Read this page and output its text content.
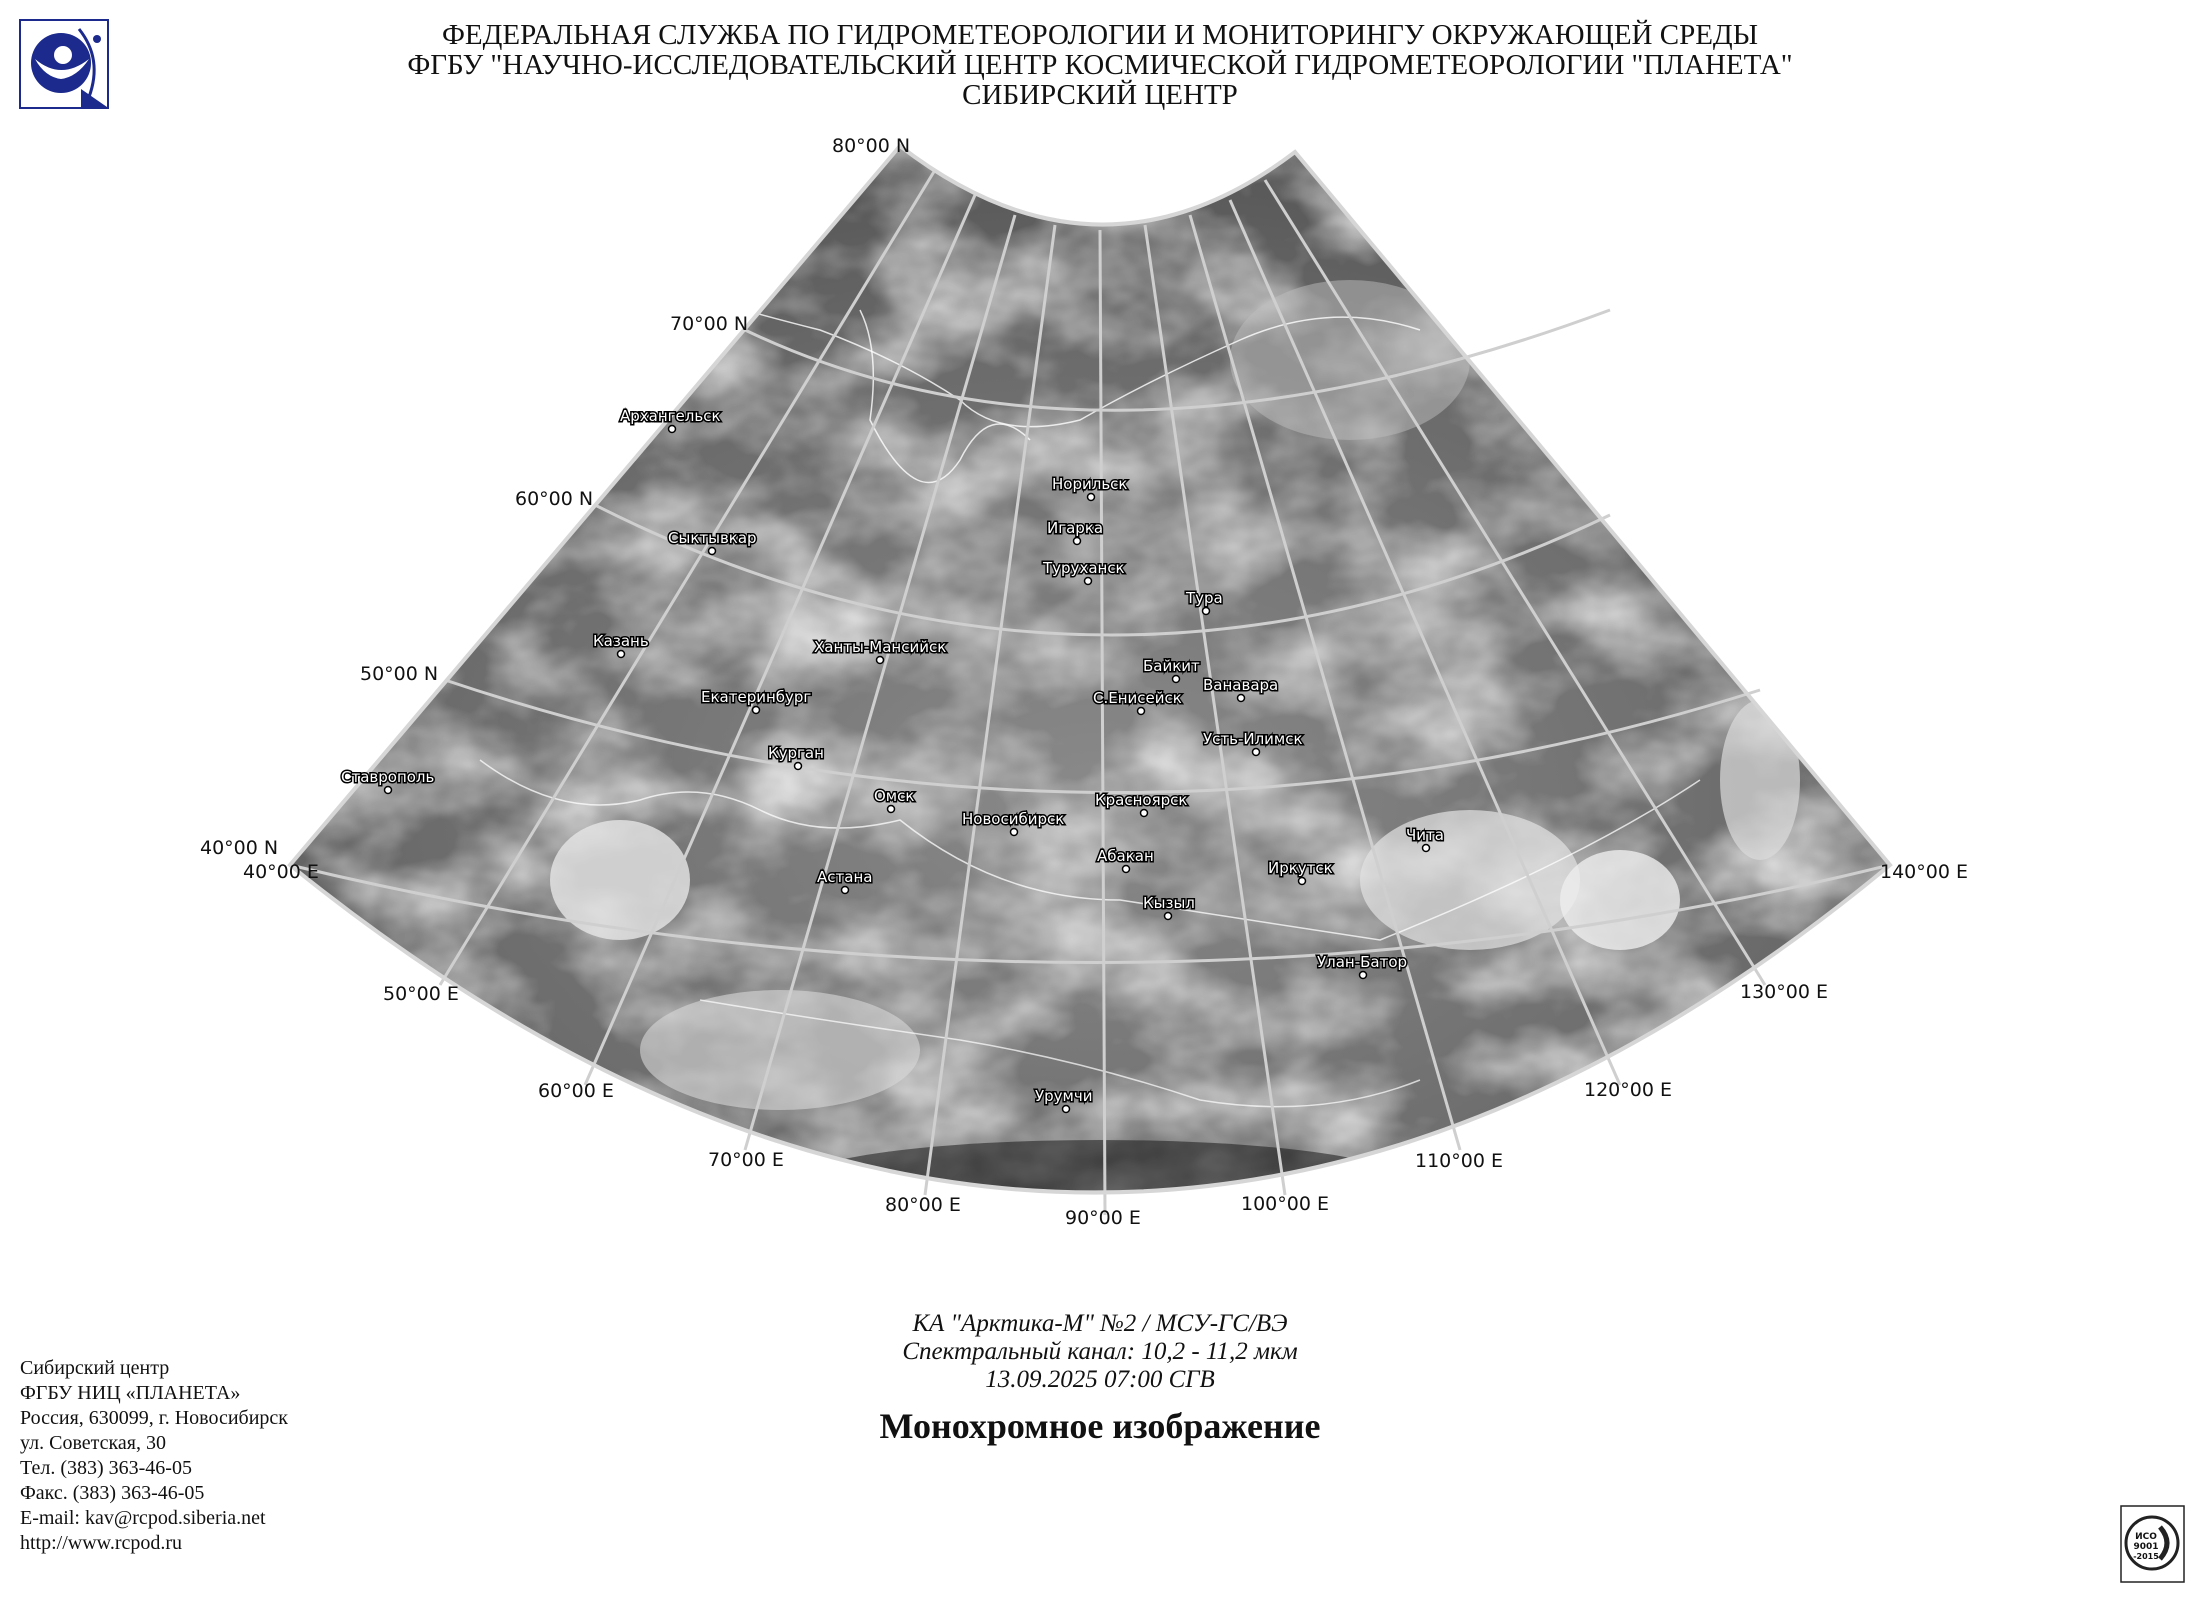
ФЕДЕРАЛЬНАЯ СЛУЖБА ПО ГИДРОМЕТЕОРОЛОГИИ И МОНИТОРИНГУ ОКРУЖАЮЩЕЙ СРЕДЫ
ФГБУ "НАУЧНО-ИССЛЕДОВАТЕЛЬСКИЙ ЦЕНТР КОСМИЧЕСКОЙ ГИДРОМЕТЕОРОЛОГИИ "ПЛАНЕТА"
СИБИРСКИЙ ЦЕНТР
80°00 N
70°00 N
60°00 N
50°00 N
40°00 N
40°00 E
50°00 E
60°00 E
70°00 E
80°00 E
90°00 E
100°00 E
110°00 E
120°00 E
130°00 E
140°00 E
Архангельск
Сыктывкар
Казань
Ставрополь
Екатеринбург
Ханты-Мансийск
Курган
Омск
Астана
Новосибирск
Норильск
Игарка
Туруханск
Тура
Байкит
С.Енисейск
Ванавара
Усть-Илимск
Красноярск
Абакан
Кызыл
Иркутск
Чита
Улан-Батор
Урумчи
КА "Арктика-М" №2 / МСУ-ГС/ВЭ
Спектральный канал: 10,2 - 11,2 мкм
13.09.2025 07:00 СГВ
Монохромное изображение
Сибирский центр
ФГБУ НИЦ «ПЛАНЕТА»
Россия, 630099, г. Новосибирск
ул. Советская, 30
Тел. (383) 363-46-05
Факс. (383) 363-46-05
E-mail: kav@rcpod.siberia.net
http://www.rcpod.ru	ИСО
9001
-2015
